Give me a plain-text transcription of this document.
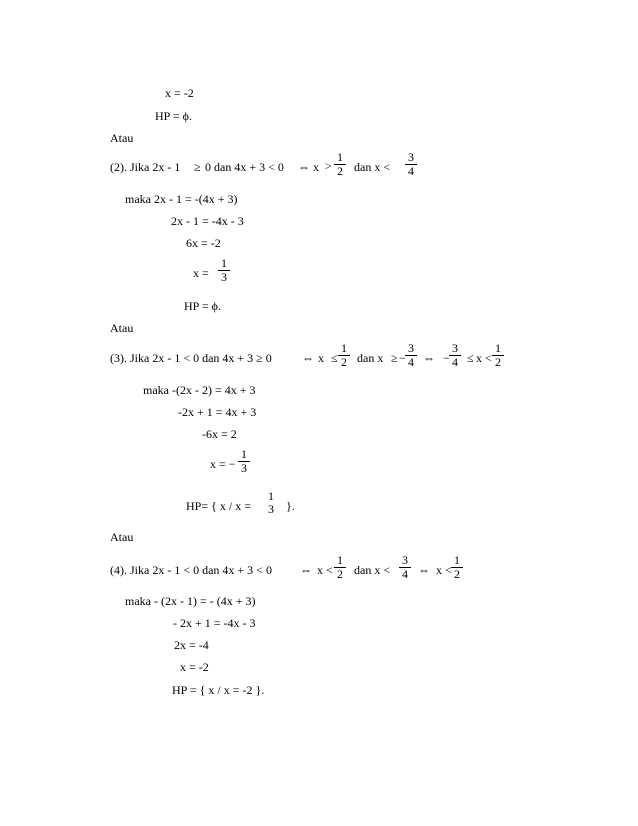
x = -2
HP = ϕ.
Atau
(2). Jika 2x - 1 ≥ 0 dan 4x + 3 < 0 ⇔ x >
1
2 dan x <
3
4
maka 2x - 1 = -(4x + 3)
2x - 1 = -4x - 3
6x = -2
x =
1
3
HP = ϕ.
Atau
(3). Jika 2x - 1 < 0 dan 4x + 3 ≥ 0	⇔ x ≤
1
2 dan x ≥ −
3
4 ⇔ −
3
4 ≤ x <
1
2
maka -(2x - 2) = 4x + 3
-2x + 1 = 4x + 3
-6x = 2
x = −
1
3
HP= { x / x =
1
3 }.
Atau
(4). Jika 2x - 1 < 0 dan 4x + 3 < 0 ⇔ x <
1
2 dan x <
3
4 ⇔ x <
1
2
maka - (2x - 1) = - (4x + 3)
- 2x + 1 = -4x - 3
2x = -4
x = -2
HP = { x / x = -2 }.
